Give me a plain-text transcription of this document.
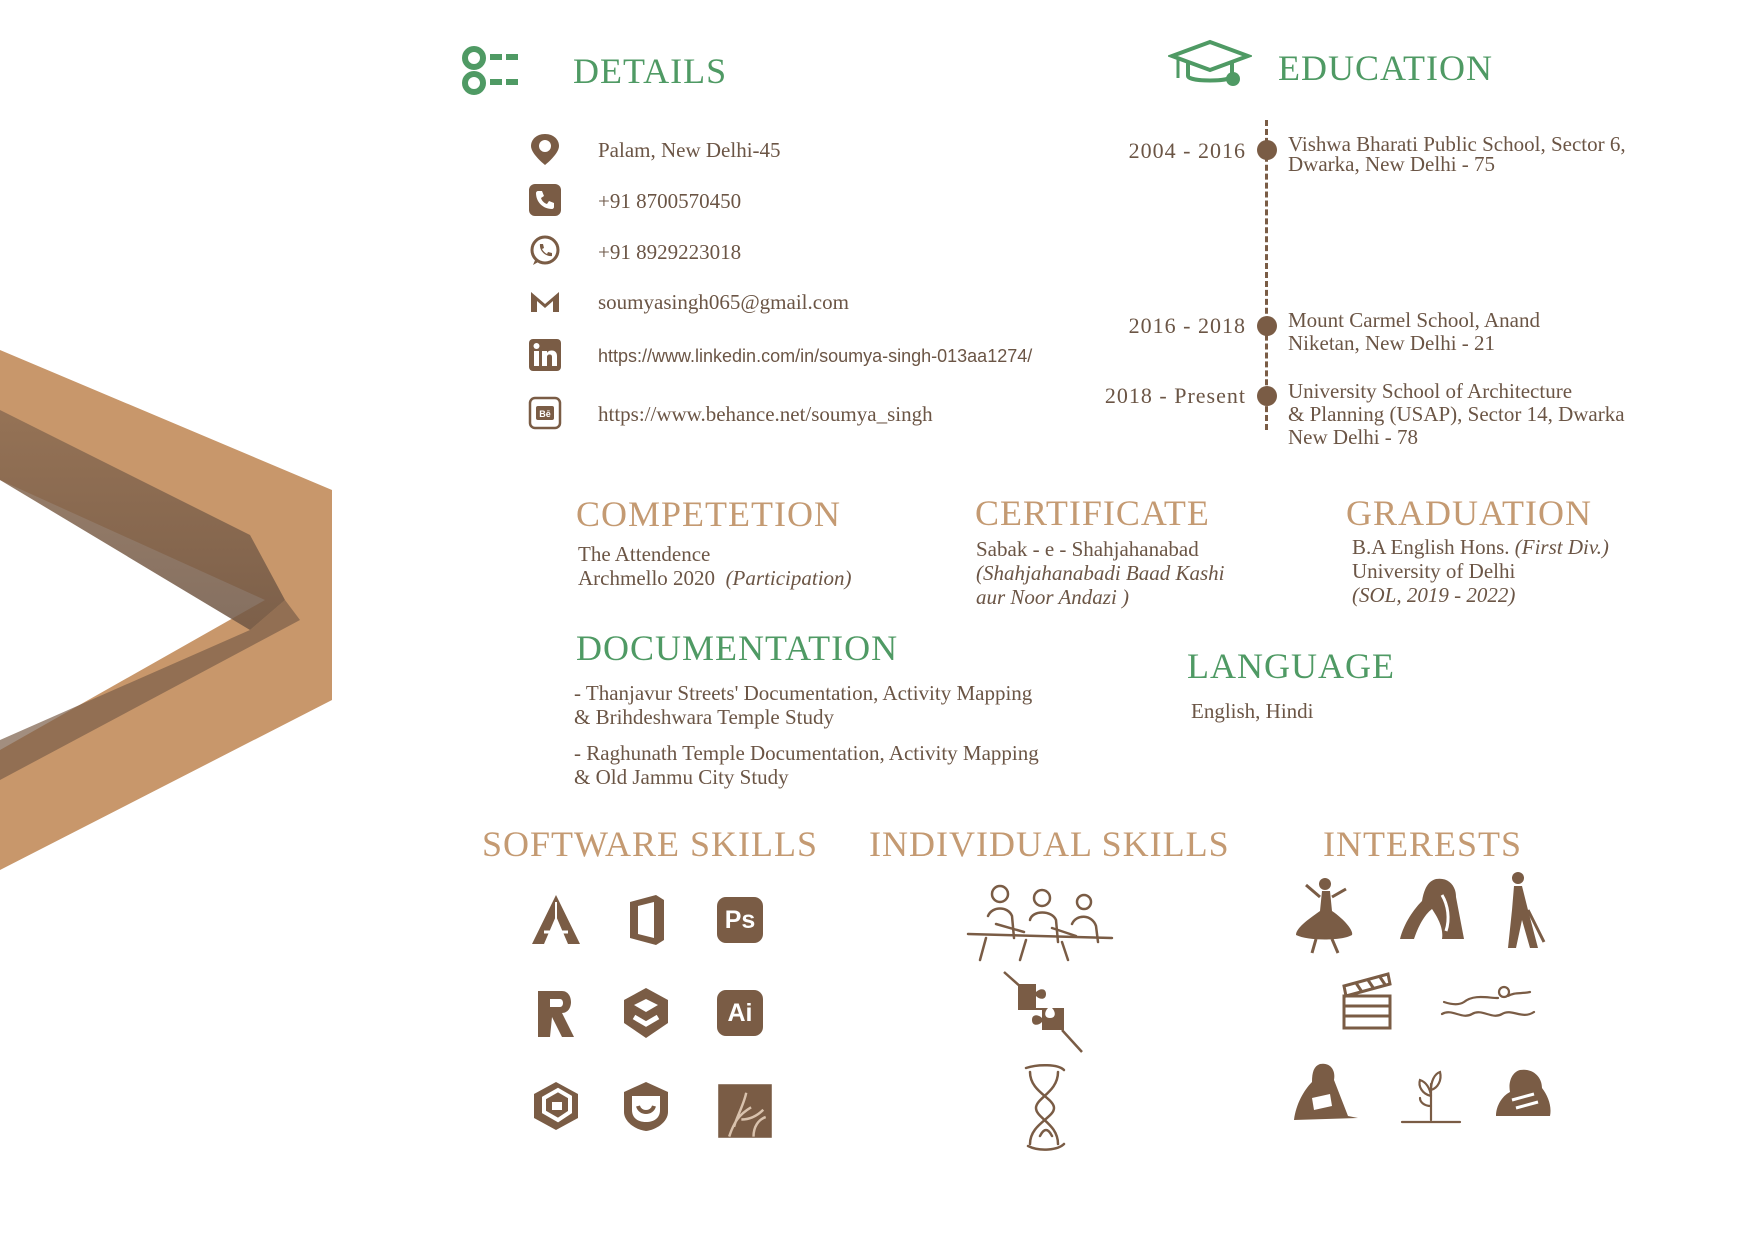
DETAILS
Palam, New Delhi-45
+91 8700570450
+91 8929223018
soumyasingh065@gmail.com
https://www.linkedin.com/in/soumya-singh-013aa1274/
Bē https://www.behance.net/soumya_singh
EDUCATION
2004 - 2016 Vishwa Bharati Public School, Sector 6,
Dwarka, New Delhi - 75
2016 - 2018 Mount Carmel School, Anand
Niketan, New Delhi - 21
2018 - Present University School of Architecture
& Planning (USAP), Sector 14, Dwarka
New Delhi - 78
COMPETETION
The Attendence
Archmello 2020 (Participation)
CERTIFICATE
Sabak - e - Shahjahanabad
(Shahjahanabadi Baad Kashi
aur Noor Andazi )
GRADUATION
B.A English Hons. (First Div.)
University of Delhi
(SOL, 2019 - 2022)
DOCUMENTATION
- Thanjavur Streets' Documentation, Activity Mapping
& Brihdeshwara Temple Study
- Raghunath Temple Documentation, Activity Mapping
& Old Jammu City Study
LANGUAGE
English, Hindi
SOFTWARE SKILLS
Ps
Ai
INDIVIDUAL SKILLS	INTERESTS
